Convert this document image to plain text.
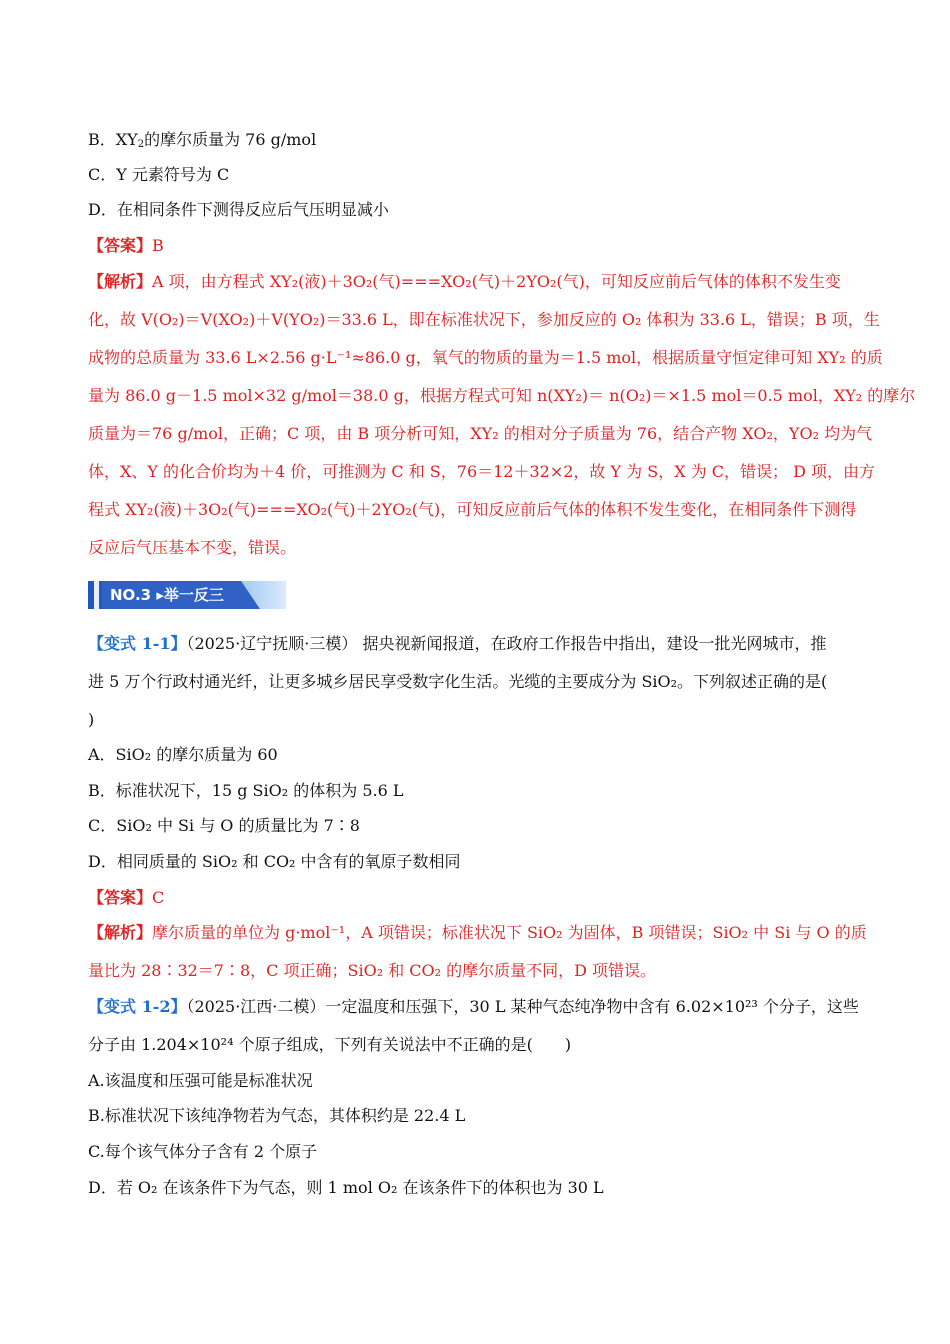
B．$XY_2$的摩尔质量为 76 g/mol
C．Y 元素符号为 C
D．在相同条件下测得反应后气压明显减小
【答案】B
【解析】A 项，由方程式 XY₂(液)＋3O₂(气)===XO₂(气)＋2YO₂(气)，可知反应前后气体的体积不发生变
化，故 V(O₂)＝V(XO₂)＋V(YO₂)＝33.6 L，即在标准状况下，参加反应的 O₂ 体积为 33.6 L，错误；B 项，生
成物的总质量为 33.6 L×2.56 g·L⁻¹≈86.0 g，氧气的物质的量为＝1.5 mol，根据质量守恒定律可知 XY₂ 的质
量为 86.0 g－1.5 mol×32 g/mol＝38.0 g，根据方程式可知 n(XY₂)＝ n(O₂)＝×1.5 mol＝0.5 mol，XY₂ 的摩尔
质量为＝76 g/mol，正确；C 项，由 B 项分析可知，XY₂ 的相对分子质量为 76，结合产物 XO₂，YO₂ 均为气
体，X、Y 的化合价均为＋4 价，可推测为 C 和 S，76＝12＋32×2，故 Y 为 S，X 为 C，错误； D 项，由方
程式 XY₂(液)＋3O₂(气)===XO₂(气)＋2YO₂(气)，可知反应前后气体的体积不发生变化，在相同条件下测得
反应后气压基本不变，错误。
NO.3 ▸举一反三
【变式 1-1】（2025·辽宁抚顺·三模） 据央视新闻报道，在政府工作报告中指出，建设一批光网城市，推
进 5 万个行政村通光纤，让更多城乡居民享受数字化生活。光缆的主要成分为 SiO₂。下列叙述正确的是(
)
A．SiO₂ 的摩尔质量为 60
B．标准状况下，15 g SiO₂ 的体积为 5.6 L
C．SiO₂ 中 Si 与 O 的质量比为 7∶8
D．相同质量的 SiO₂ 和 CO₂ 中含有的氧原子数相同
【答案】C
【解析】摩尔质量的单位为 g·mol⁻¹，A 项错误；标准状况下 SiO₂ 为固体，B 项错误；SiO₂ 中 Si 与 O 的质
量比为 28∶32＝7∶8，C 项正确；SiO₂ 和 CO₂ 的摩尔质量不同，D 项错误。
【变式 1-2】（2025·江西·二模）一定温度和压强下，30 L 某种气态纯净物中含有 6.02×10²³ 个分子，这些
分子由 1.204×10²⁴ 个原子组成，下列有关说法中不正确的是(　　)
A.该温度和压强可能是标准状况
B.标准状况下该纯净物若为气态，其体积约是 22.4 L
C.每个该气体分子含有 2 个原子
D．若 O₂ 在该条件下为气态，则 1 mol O₂ 在该条件下的体积也为 30 L
